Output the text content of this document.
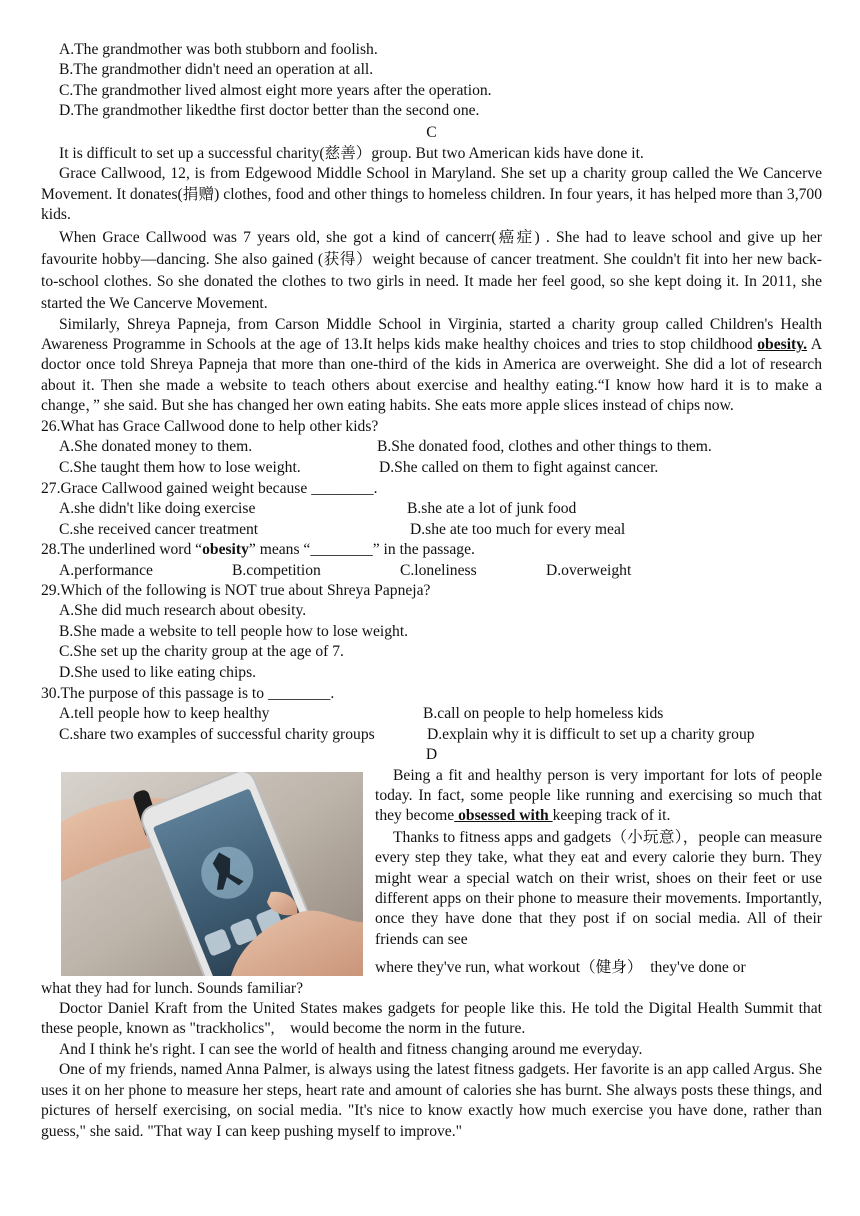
A.The grandmother was both stubborn and foolish.
B.The grandmother didn't need an operation at all.
C.The grandmother lived almost eight more years after the operation.
D.The grandmother likedthe first doctor better than the second one.
C
It is difficult to set up a successful charity(慈善）group. But two American kids have done it.
Grace Callwood, 12, is from Edgewood Middle School in Maryland. She set up a charity group called the We Cancerve Movement. It donates(捐赠) clothes, food and other things to homeless children. In four years, it has helped more than 3,700 kids.
When Grace Callwood was 7 years old, she got a kind of cancerr(癌症) . She had to leave school and give up her favourite hobby—dancing. She also gained (获得）weight because of cancer treatment. She couldn't fit into her new back‐to‐school clothes. So she donated the clothes to two girls in need. It made her feel good, so she kept doing it. In 2011, she started the We Cancerve Movement.
Similarly, Shreya Papneja, from Carson Middle School in Virginia, started a charity group called Children's Health Awareness Programme in Schools at the age of 13.It helps kids make healthy choices and tries to stop childhood obesity. A doctor once told Shreya Papneja that more than one-third of the kids in America are overweight. She did a lot of research about it. Then she made a website to teach others about exercise and healthy eating.“I know how hard it is to make a change，” she said. But she has changed her own eating habits. She eats more apple slices instead of chips now.
26.What has Grace Callwood done to help other kids?
A.She donated money to them.	B.She donated food, clothes and other things to them.
C.She taught them how to lose weight.	D.She called on them to fight against cancer.
27.Grace Callwood gained weight because ________.
A.she didn't like doing exercise	B.she ate a lot of junk food
C.she received cancer treatment	D.she ate too much for every meal
28.The underlined word “obesity” means “________” in the passage.
A.performance	B.competition	C.loneliness	D.overweight
29.Which of the following is NOT true about Shreya Papneja?
A.She did much research about obesity.
B.She made a website to tell people how to lose weight.
C.She set up the charity group at the age of 7.
D.She used to like eating chips.
30.The purpose of this passage is to ________.
A.tell people how to keep healthy	B.call on people to help homeless kids
C.share two examples of successful charity groups	D.explain why it is difficult to set up a charity group
D
Being a fit and healthy person is very important for lots of people today. In fact, some people like running and exercising so much that they become obsessed with keeping track of it.
Thanks to fitness apps and gadgets（小玩意），people can measure every step they take, what they eat and every calorie they burn. They might wear a special watch on their wrist, shoes on their feet or use different apps on their phone to measure their movements. Importantly, once they have done that they post if on social media. All of their friends can see
where they've run, what workout（健身）　they've done or
what they had for lunch. Sounds familiar?
Doctor Daniel Kraft from the United States makes gadgets for people like this. He told the Digital Health Summit that these people, known as "trackholics",　would become the norm in the future.
And I think he's right. I can see the world of health and fitness changing around me everyday.
One of my friends, named Anna Palmer, is always using the latest fitness gadgets. Her favorite is an app called Argus. She uses it on her phone to measure her steps, heart rate and amount of calories she has burnt. She always posts these things, and pictures of herself exercising, on social media. "It's nice to know exactly how much exercise you have done, rather than guess," she said. "That way I can keep pushing myself to improve."
